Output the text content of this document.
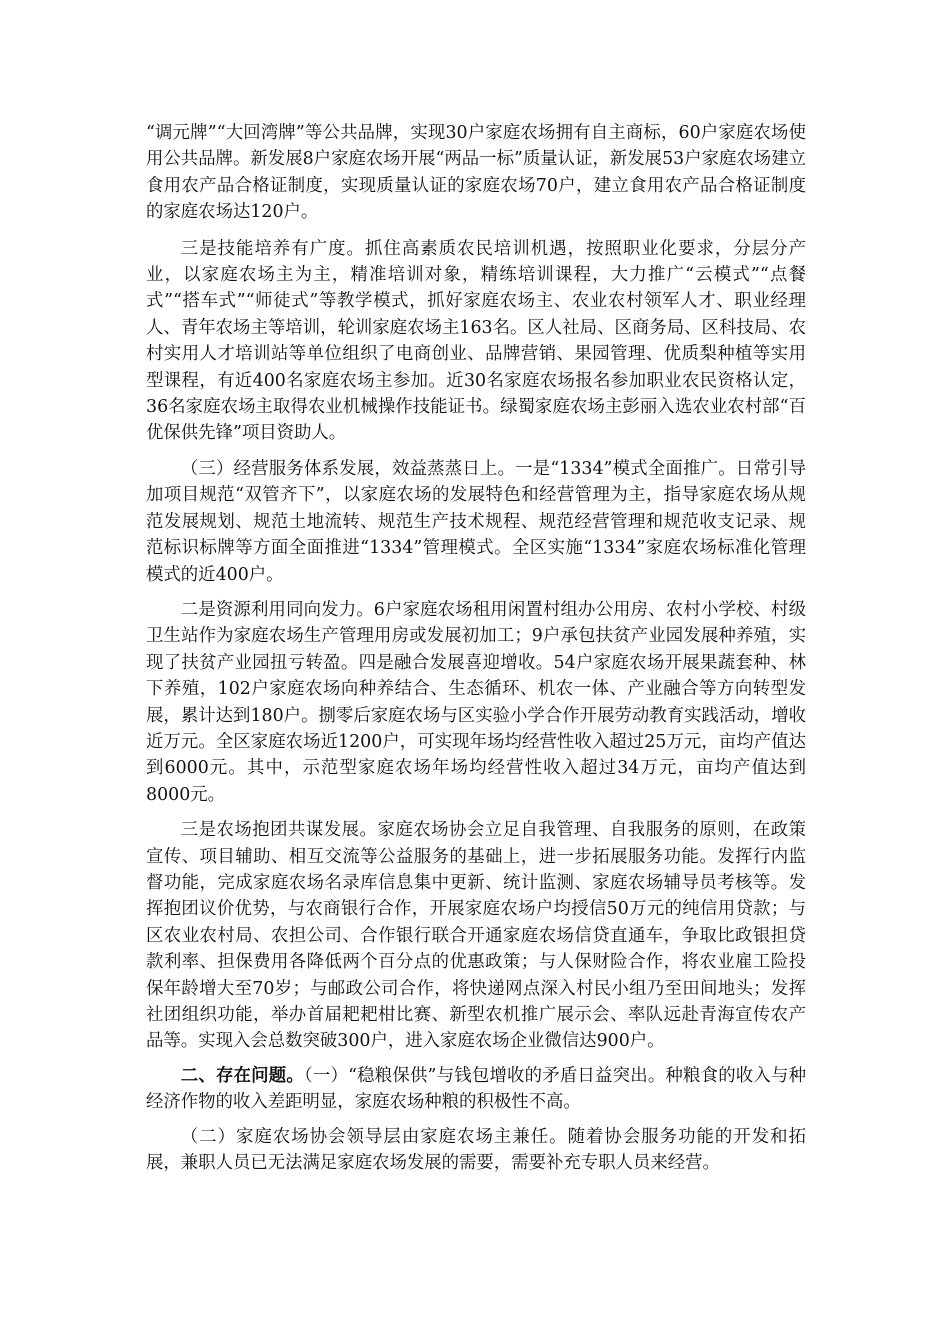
“调元牌”“大回湾牌”等公共品牌，实现30户家庭农场拥有自主商标，60户家庭农场使用公共品牌。新发展8户家庭农场开展“两品一标”质量认证，新发展53户家庭农场建立食用农产品合格证制度，实现质量认证的家庭农场70户，建立食用农产品合格证制度的家庭农场达120户。

三是技能培养有广度。抓住高素质农民培训机遇，按照职业化要求，分层分产业，以家庭农场主为主，精准培训对象，精练培训课程，大力推广“云模式”“点餐式”“搭车式”“师徒式”等教学模式，抓好家庭农场主、农业农村领军人才、职业经理人、青年农场主等培训，轮训家庭农场主163名。区人社局、区商务局、区科技局、农村实用人才培训站等单位组织了电商创业、品牌营销、果园管理、优质梨种植等实用型课程，有近400名家庭农场主参加。近30名家庭农场报名参加职业农民资格认定，36名家庭农场主取得农业机械操作技能证书。绿蜀家庭农场主彭丽入选农业农村部“百优保供先锋”项目资助人。

（三）经营服务体系发展，效益蒸蒸日上。一是“1334”模式全面推广。日常引导加项目规范“双管齐下”，以家庭农场的发展特色和经营管理为主，指导家庭农场从规范发展规划、规范土地流转、规范生产技术规程、规范经营管理和规范收支记录、规范标识标牌等方面全面推进“1334”管理模式。全区实施“1334”家庭农场标准化管理模式的近400户。

二是资源利用同向发力。6户家庭农场租用闲置村组办公用房、农村小学校、村级卫生站作为家庭农场生产管理用房或发展初加工；9户承包扶贫产业园发展种养殖，实现了扶贫产业园扭亏转盈。四是融合发展喜迎增收。54户家庭农场开展果蔬套种、林下养殖，102户家庭农场向种养结合、生态循环、机农一体、产业融合等方向转型发展，累计达到180户。捌零后家庭农场与区实验小学合作开展劳动教育实践活动，增收近万元。全区家庭农场近1200户，可实现年场均经营性收入超过25万元，亩均产值达到6000元。其中，示范型家庭农场年场均经营性收入超过34万元，亩均产值达到8000元。

三是农场抱团共谋发展。家庭农场协会立足自我管理、自我服务的原则，在政策宣传、项目辅助、相互交流等公益服务的基础上，进一步拓展服务功能。发挥行内监督功能，完成家庭农场名录库信息集中更新、统计监测、家庭农场辅导员考核等。发挥抱团议价优势，与农商银行合作，开展家庭农场户均授信50万元的纯信用贷款；与区农业农村局、农担公司、合作银行联合开通家庭农场信贷直通车，争取比政银担贷款利率、担保费用各降低两个百分点的优惠政策；与人保财险合作，将农业雇工险投保年龄增大至70岁；与邮政公司合作，将快递网点深入村民小组乃至田间地头；发挥社团组织功能，举办首届耙耙柑比赛、新型农机推广展示会、率队远赴青海宣传农产品等。实现入会总数突破300户，进入家庭农场企业微信达900户。

二、存在问题。（一）“稳粮保供”与钱包增收的矛盾日益突出。种粮食的收入与种经济作物的收入差距明显，家庭农场种粮的积极性不高。

（二）家庭农场协会领导层由家庭农场主兼任。随着协会服务功能的开发和拓展，兼职人员已无法满足家庭农场发展的需要，需要补充专职人员来经营。
